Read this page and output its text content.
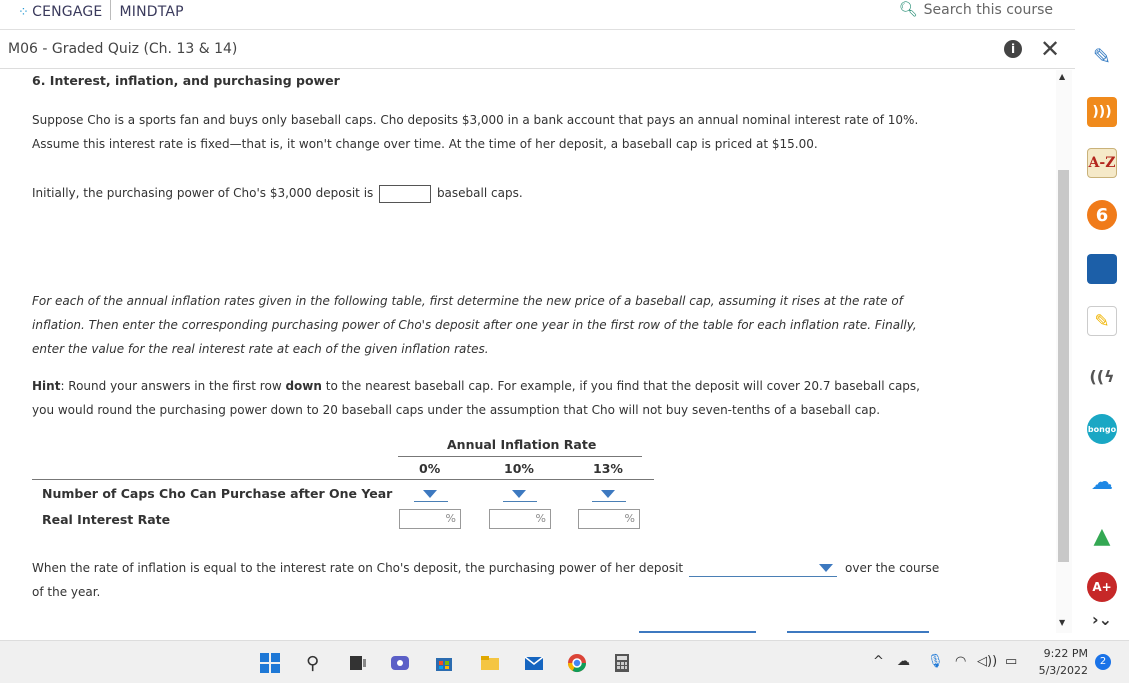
⁘ CENGAGE MINDTAP	🔍︎ Search this course
M06 - Graded Quiz (Ch. 13 & 14)	i ✕
6. Interest, inflation, and purchasing power
Suppose Cho is a sports fan and buys only baseball caps. Cho deposits $3,000 in a bank account that pays an annual nominal interest rate of 10%.
Assume this interest rate is fixed—that is, it won't change over time. At the time of her deposit, a baseball cap is priced at $15.00.
Initially, the purchasing power of Cho's $3,000 deposit is	baseball caps.
For each of the annual inflation rates given in the following table, first determine the new price of a baseball cap, assuming it rises at the rate of
inflation. Then enter the corresponding purchasing power of Cho's deposit after one year in the first row of the table for each inflation rate. Finally,
enter the value for the real interest rate at each of the given inflation rates.
Hint: Round your answers in the first row down to the nearest baseball cap. For example, if you find that the deposit will cover 20.7 baseball caps,
you would round the purchasing power down to 20 baseball caps under the assumption that Cho will not buy seven-tenths of a baseball cap.
Annual Inflation Rate
0%	10%	13%
Number of Caps Cho Can Purchase after One Year
Real Interest Rate	%	%	%
When the rate of inflation is equal to the interest rate on Cho's deposit, the purchasing power of her deposit	over the course
of the year.
▲
▼
✎
)))
A-Z
6
✎
((ϟ
bongo
☁
▲
A+
›⌄
⚲	^ ☁ 🎙︎ ◠ ◁)) ▭
9:22 PM
5/3/2022
2
